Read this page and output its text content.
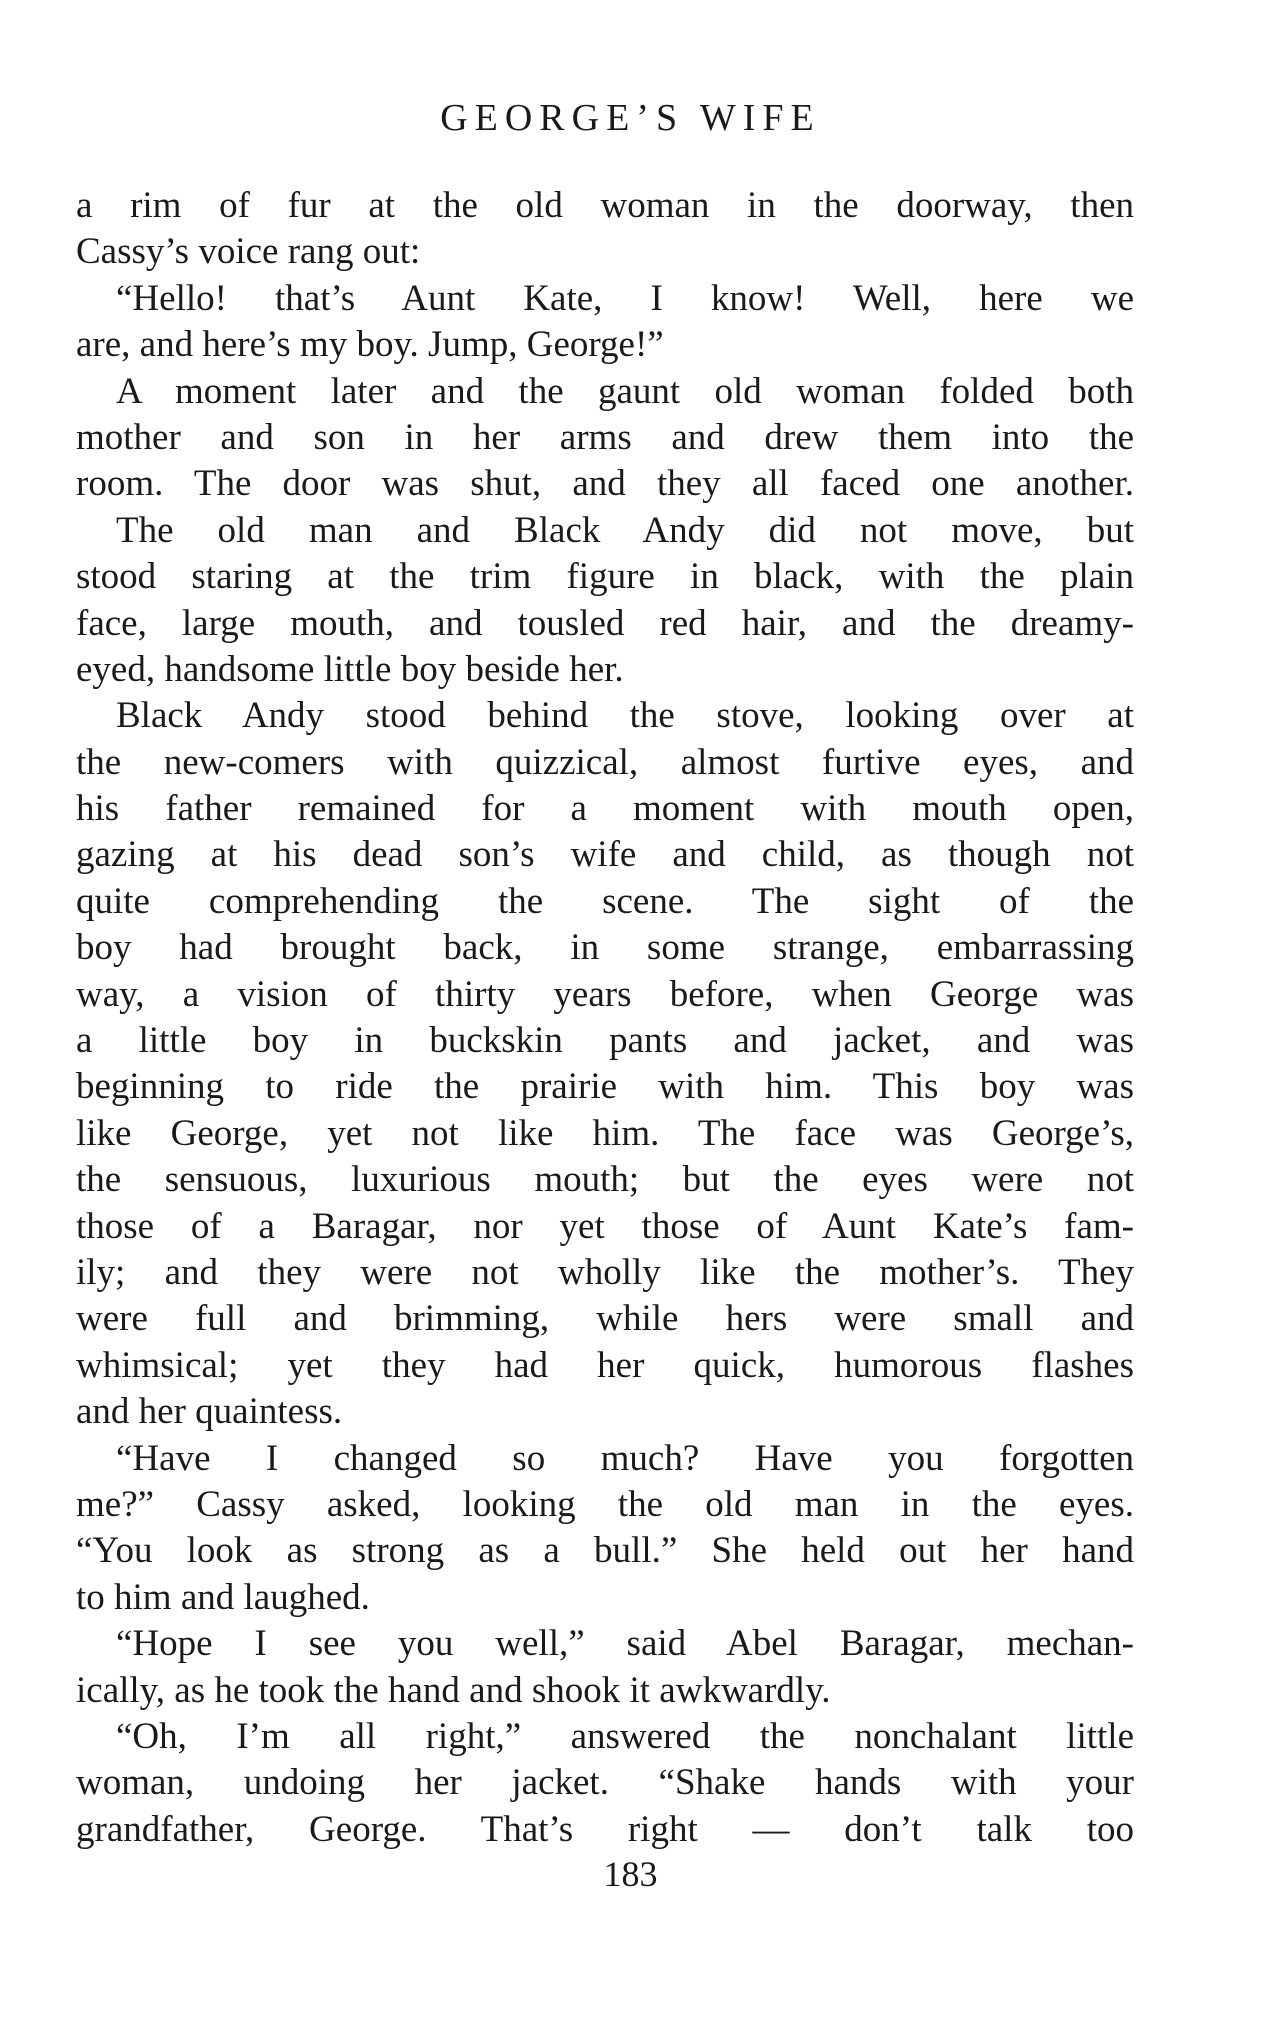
GEORGE’S WIFE
a rim of fur at the old woman in the doorway, then
Cassy’s voice rang out:
“Hello! that’s Aunt Kate, I know! Well, here we
are, and here’s my boy. Jump, George!”
A moment later and the gaunt old woman folded both
mother and son in her arms and drew them into the
room. The door was shut, and they all faced one another.
The old man and Black Andy did not move, but
stood staring at the trim figure in black, with the plain
face, large mouth, and tousled red hair, and the dreamy-
eyed, handsome little boy beside her.
Black Andy stood behind the stove, looking over at
the new-comers with quizzical, almost furtive eyes, and
his father remained for a moment with mouth open,
gazing at his dead son’s wife and child, as though not
quite comprehending the scene. The sight of the
boy had brought back, in some strange, embarrassing
way, a vision of thirty years before, when George was
a little boy in buckskin pants and jacket, and was
beginning to ride the prairie with him. This boy was
like George, yet not like him. The face was George’s,
the sensuous, luxurious mouth; but the eyes were not
those of a Baragar, nor yet those of Aunt Kate’s fam-
ily; and they were not wholly like the mother’s. They
were full and brimming, while hers were small and
whimsical; yet they had her quick, humorous flashes
and her quaintess.
“Have I changed so much? Have you forgotten
me?” Cassy asked, looking the old man in the eyes.
“You look as strong as a bull.” She held out her hand
to him and laughed.
“Hope I see you well,” said Abel Baragar, mechan-
ically, as he took the hand and shook it awkwardly.
“Oh, I’m all right,” answered the nonchalant little
woman, undoing her jacket. “Shake hands with your
grandfather, George. That’s right — don’t talk too
183
